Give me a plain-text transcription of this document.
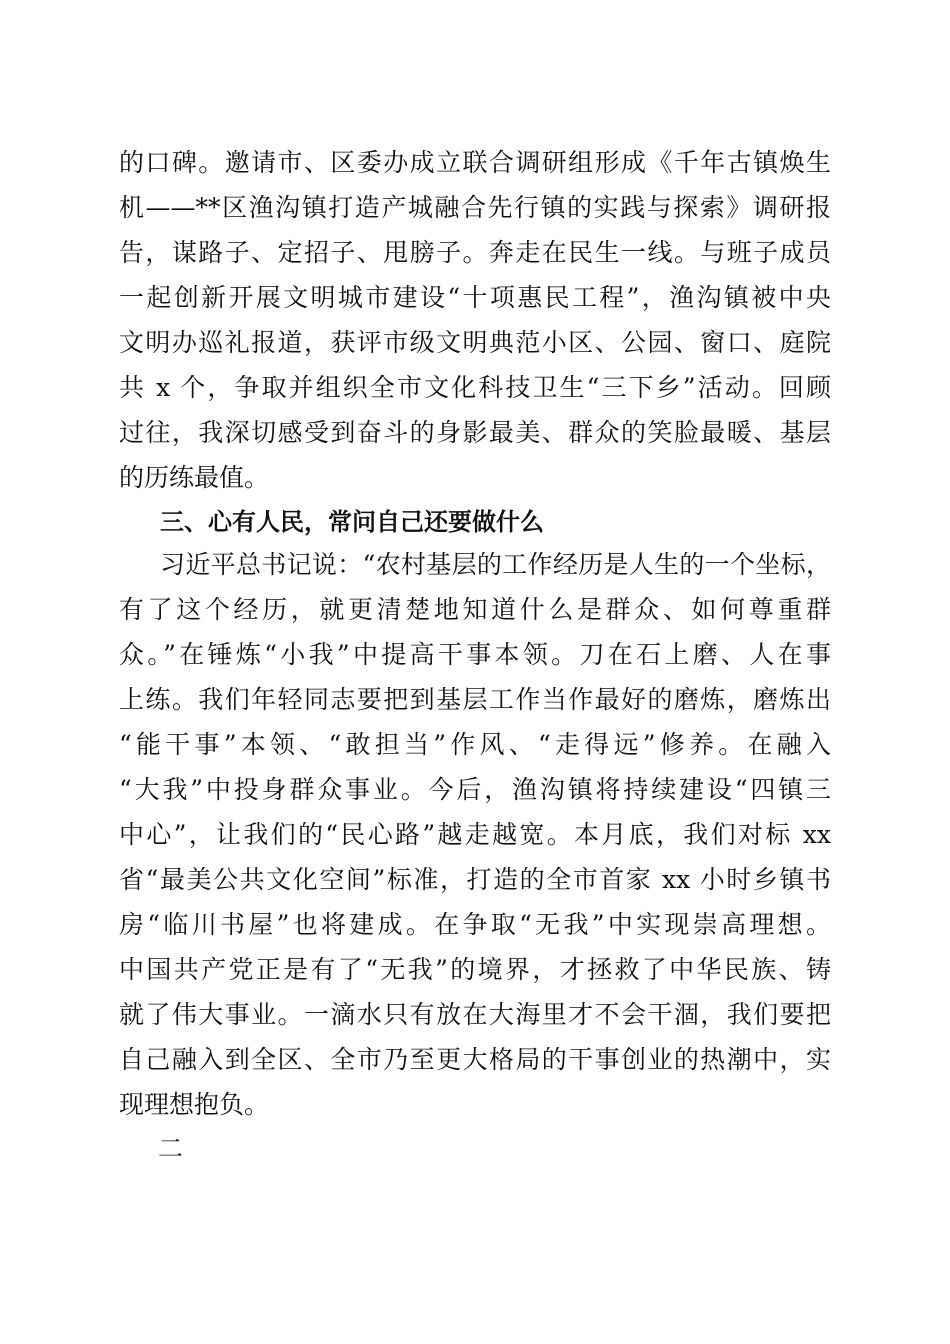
的口碑。邀请市、区委办成立联合调研组形成《千年古镇焕生
机——**区渔沟镇打造产城融合先行镇的实践与探索》调研报
告，谋路子、定招子、甩膀子。奔走在民生一线。与班子成员
一起创新开展文明城市建设“十项惠民工程”，渔沟镇被中央
文明办巡礼报道，获评市级文明典范小区、公园、窗口、庭院
共 x 个，争取并组织全市文化科技卫生“三下乡”活动。回顾
过往，我深切感受到奋斗的身影最美、群众的笑脸最暖、基层
的历练最值。
三、心有人民，常问自己还要做什么
习近平总书记说：“农村基层的工作经历是人生的一个坐标，
有了这个经历，就更清楚地知道什么是群众、如何尊重群
众。”在锤炼“小我”中提高干事本领。刀在石上磨、人在事
上练。我们年轻同志要把到基层工作当作最好的磨炼，磨炼出
“能干事”本领、“敢担当”作风、“走得远”修养。在融入
“大我”中投身群众事业。今后，渔沟镇将持续建设“四镇三
中心”，让我们的“民心路”越走越宽。本月底，我们对标 xx
省“最美公共文化空间”标准，打造的全市首家 xx 小时乡镇书
房“临川书屋”也将建成。在争取“无我”中实现崇高理想。
中国共产党正是有了“无我”的境界，才拯救了中华民族、铸
就了伟大事业。一滴水只有放在大海里才不会干涸，我们要把
自己融入到全区、全市乃至更大格局的干事创业的热潮中，实
现理想抱负。
二
